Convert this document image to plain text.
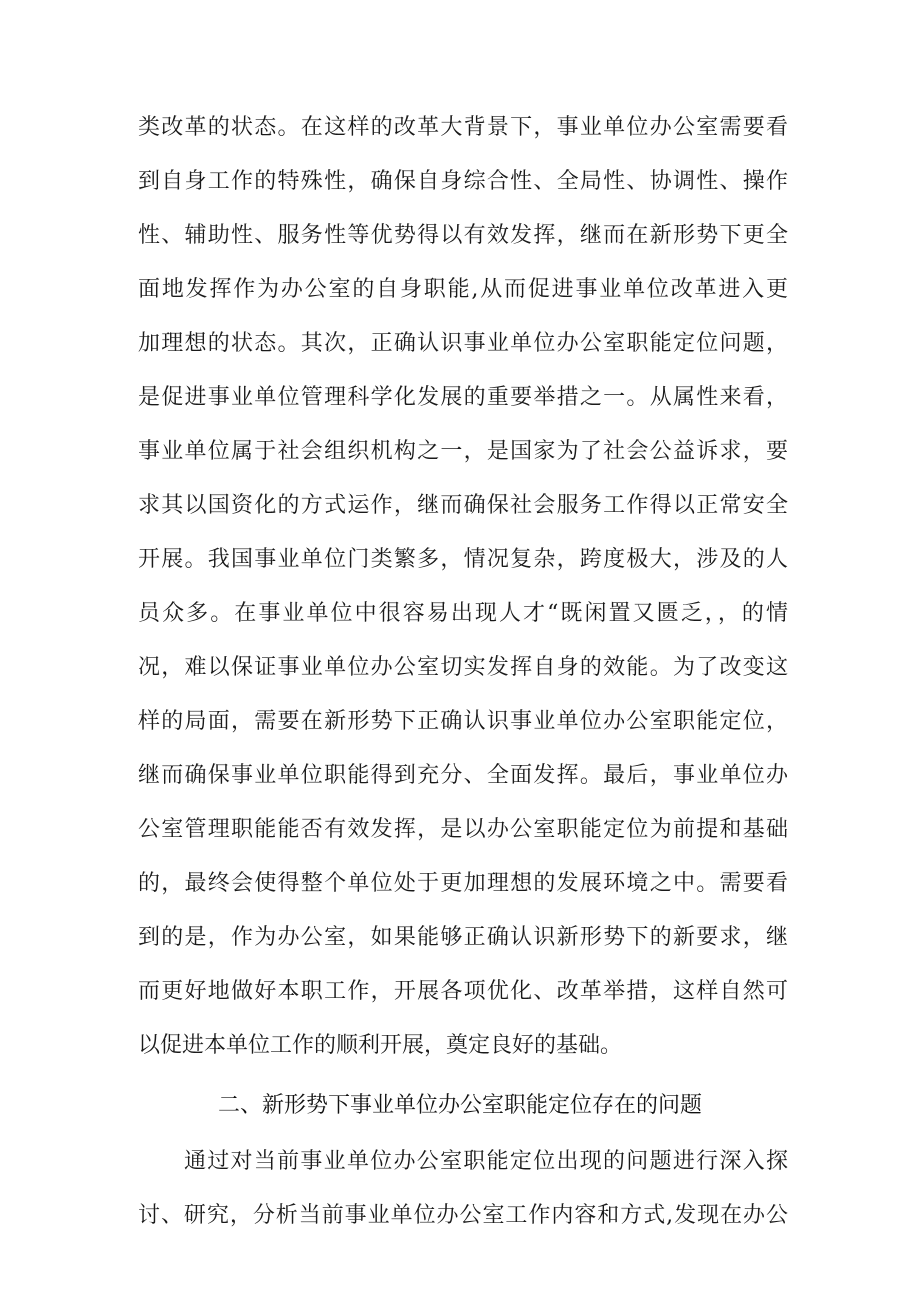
类改革的状态。在这样的改革大背景下，事业单位办公室需要看
到自身工作的特殊性，确保自身综合性、全局性、协调性、操作
性、辅助性、服务性等优势得以有效发挥，继而在新形势下更全
面地发挥作为办公室的自身职能,从而促进事业单位改革进入更
加理想的状态。其次，正确认识事业单位办公室职能定位问题，
是促进事业单位管理科学化发展的重要举措之一。从属性来看，
事业单位属于社会组织机构之一，是国家为了社会公益诉求，要
求其以国资化的方式运作，继而确保社会服务工作得以正常安全
开展。我国事业单位门类繁多，情况复杂，跨度极大，涉及的人
员众多。在事业单位中很容易出现人才“既闲置又匮乏，，的情
况，难以保证事业单位办公室切实发挥自身的效能。为了改变这
样的局面，需要在新形势下正确认识事业单位办公室职能定位，
继而确保事业单位职能得到充分、全面发挥。最后，事业单位办
公室管理职能能否有效发挥，是以办公室职能定位为前提和基础
的，最终会使得整个单位处于更加理想的发展环境之中。需要看
到的是，作为办公室，如果能够正确认识新形势下的新要求，继
而更好地做好本职工作，开展各项优化、改革举措，这样自然可
以促进本单位工作的顺利开展，奠定良好的基础。
二、新形势下事业单位办公室职能定位存在的问题
通过对当前事业单位办公室职能定位出现的问题进行深入探
讨、研究，分析当前事业单位办公室工作内容和方式,发现在办公
